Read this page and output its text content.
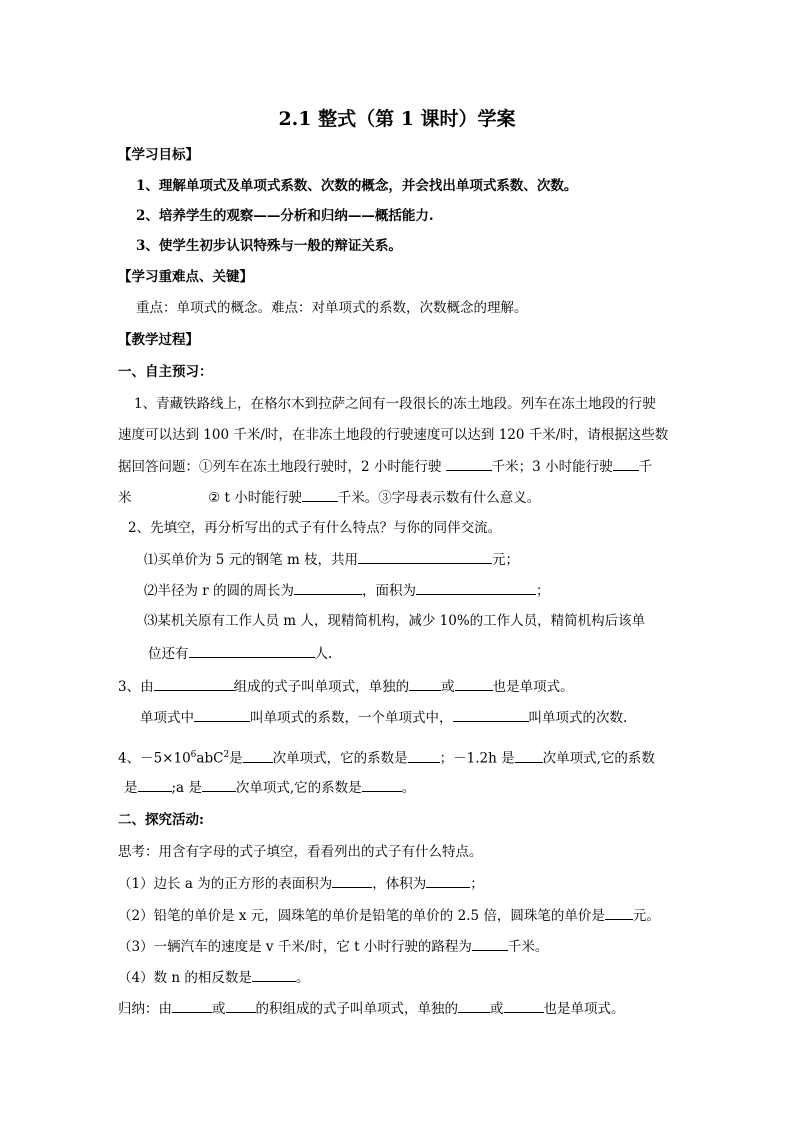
2.1 整式（第 1 课时）学案
【学习目标】
1、理解单项式及单项式系数、次数的概念，并会找出单项式系数、次数。
2、培养学生的观察——分析和归纳——概括能力.
3、使学生初步认识特殊与一般的辩证关系。
【学习重难点、关键】
重点：单项式的概念。难点：对单项式的系数，次数概念的理解。
【教学过程】
一、自主预习：
1、青藏铁路线上，在格尔木到拉萨之间有一段很长的冻土地段。列车在冻土地段的行驶
速度可以达到 100 千米/时，在非冻土地段的行驶速度可以达到 120 千米/时，请根据这些数
据回答问题：①列车在冻土地段行驶时，2 小时能行驶	千米；3 小时能行驶 千
米	② t 小时能行驶	千米。③字母表示数有什么意义。
2、先填空，再分析写出的式子有什么特点？与你的同伴交流。
⑴买单价为 5 元的钢笔 m 枝，共用	元；
⑵半径为 r 的圆的周长为	，面积为	；
⑶某机关原有工作人员 m 人，现精简机构，减少 10%的工作人员，精简机构后该单
位还有	人.
3、由	组成的式子叫单项式，单独的 或	也是单项式。
单项式中	叫单项式的系数，一个单项式中，	叫单项式的次数.
4、$-5\times 10^6abC^2$是 次单项式，它的系数是 ；－1.2h 是 次单项式,它的系数
是	;a 是	次单项式,它的系数是	。
二、探究活动:
思考：用含有字母的式子填空，看看列出的式子有什么特点。
（1）边长 a 为的正方形的表面积为	，体积为	；
（2）铅笔的单价是 x 元，圆珠笔的单价是铅笔的单价的 2.5 倍，圆珠笔的单价是 元。
（3）一辆汽车的速度是 v 千米/时，它 t 小时行驶的路程为	千米。
（4）数 n 的相反数是	。
归纳：由	或 的积组成的式子叫单项式，单独的 或	也是单项式。
